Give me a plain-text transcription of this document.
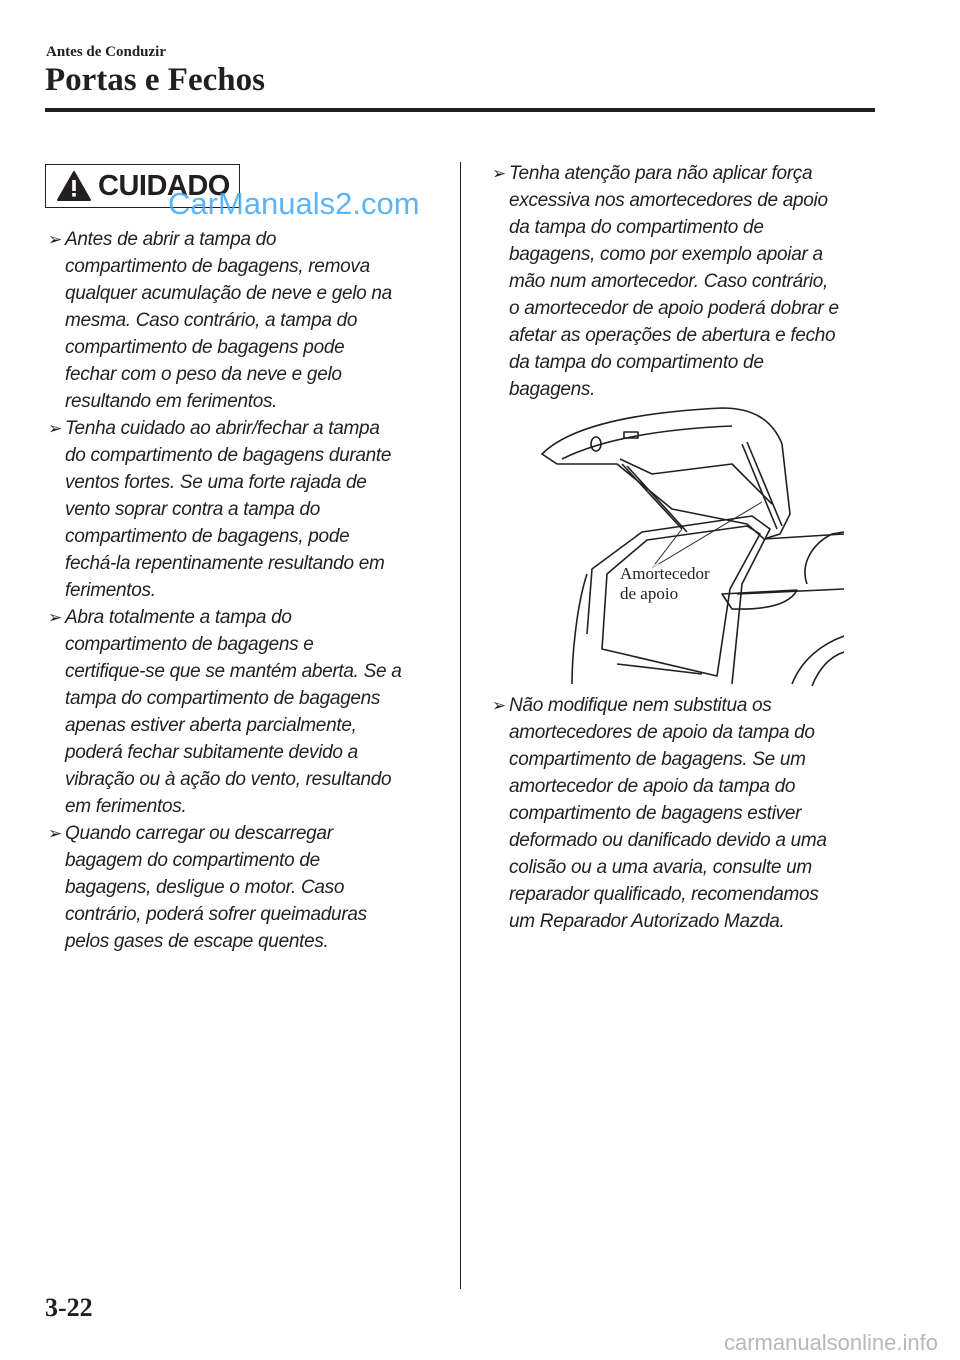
Antes de Conduzir
Portas e Fechos
CUIDADO
CarManuals2.com
➢ Antes de abrir a tampa do
compartimento de bagagens, remova
qualquer acumulação de neve e gelo na
mesma. Caso contrário, a tampa do
compartimento de bagagens pode
fechar com o peso da neve e gelo
resultando em ferimentos.
➢ Tenha cuidado ao abrir/fechar a tampa
do compartimento de bagagens durante
ventos fortes. Se uma forte rajada de
vento soprar contra a tampa do
compartimento de bagagens, pode
fechá-la repentinamente resultando em
ferimentos.
➢ Abra totalmente a tampa do
compartimento de bagagens e
certifique-se que se mantém aberta. Se a
tampa do compartimento de bagagens
apenas estiver aberta parcialmente,
poderá fechar subitamente devido a
vibração ou à ação do vento, resultando
em ferimentos.
➢ Quando carregar ou descarregar
bagagem do compartimento de
bagagens, desligue o motor. Caso
contrário, poderá sofrer queimaduras
pelos gases de escape quentes.
➢ Tenha atenção para não aplicar força
excessiva nos amortecedores de apoio
da tampa do compartimento de
bagagens, como por exemplo apoiar a
mão num amortecedor. Caso contrário,
o amortecedor de apoio poderá dobrar e
afetar as operações de abertura e fecho
da tampa do compartimento de
bagagens.
➢ Não modifique nem substitua os
amortecedores de apoio da tampa do
compartimento de bagagens. Se um
amortecedor de apoio da tampa do
compartimento de bagagens estiver
deformado ou danificado devido a uma
colisão ou a uma avaria, consulte um
reparador qualificado, recomendamos
um Reparador Autorizado Mazda.
Amortecedor
de apoio
3-22
carmanualsonline.info
